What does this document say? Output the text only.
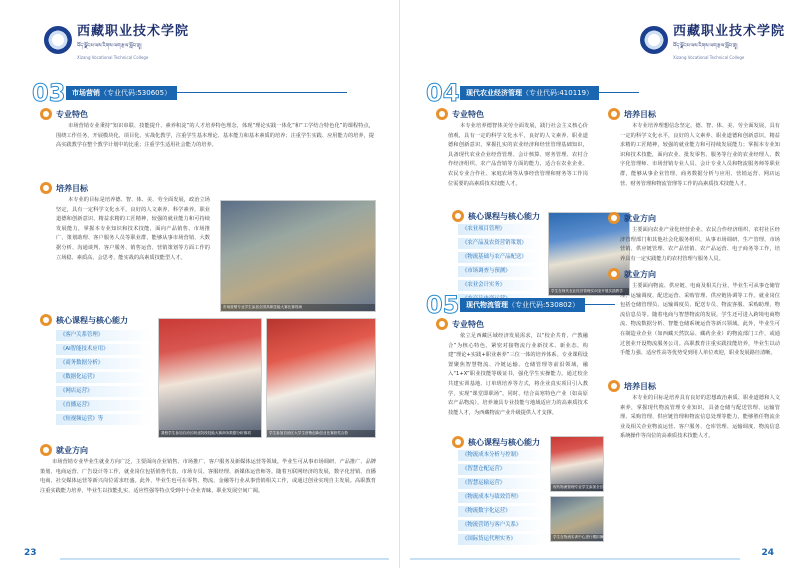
西藏职业技术学院
བོད་ལྗོངས་ལས་རིགས་ལག་རྩལ་སློབ་གྲྭ།
Xizang Vocational Technical College
03 市场营销（专业代码:530605）
专业特色
市场营销专业秉持“知识串联、技能提升、素养积淀”的人才培养特色理念，体现“理论实践一体化”和“工学结合特色化”的课程特点，围绕工作任务，开展模块化、项目化、实战化教学，注重学生基本理论、基本能力和基本素质的培养；注重学生实践、应用能力的培养，提高实践教学在整个教学计划中的比重；注重学生适用社会能力的培养。
培养目标
本专业的目标是培养德、智、体、美、劳全面发展，政治立场坚定，具有一定科学文化水平，良好的人文素养、科学素养，职业道德和创新意识，精益求精的工匠精神，较强的就业能力和可持续发展能力，掌握本专业知识和技术技能，面向产品销售、市场推广、策划助理、客户服务人员等职业群，能够从事市场营销、大数据分析、沟通谈判、客户服务、销售运营、营销策划等方面工作的立场稳、素质高、会思考、能实战的高素质技能型人才。
市场营销专业学生参加全国高职技能大赛比赛现场
核心课程与核心能力
《客户关系管理》
《AI智能技术应用》
《商务数据分析》
《数据化运营》
《网店运营》
《直播运营》
《短视频运营》等
我校学生参加自治区职业院校技能大赛商务数据分析赛项	学生参加自治区大学生营销创新创业比赛获奖合影
就业方向
市场营销专业毕业生就业方向广泛，主要面向企业销售、市场推广、客户服务及新媒体运营等领域。毕业生可从事市场调研、产品推广、品牌策划、电商运营、广告设计等工作，就业岗位包括销售代表、市场专员、客服经理、新媒体运营师等。随着互联网经济的发展，数字化营销、直播电商、社交媒体运营等新兴岗位需求旺盛。此外，毕业生也可在零售、物流、金融等行业从事营销相关工作，或通过创业实现自主发展。高职教育注重实践能力培养，毕业生以技能扎实、适应性强等特点受到中小企业青睐，职业发展空间广阔。
23
西藏职业技术学院
བོད་ལྗོངས་ལས་རིགས་ལག་རྩལ་སློབ་གྲྭ།
Xizang Vocational Technical College
04 现代农业经济管理（专业代码:410119）
专业特色
本专业培养德智体美劳全面发展，践行社会主义核心价值观，具有一定的科学文化水平，良好的人文素养、职业道德和创新意识，掌握扎实的农业经济和经营管理基础知识，具备现代农业企业经营管理、会计核算、财务管理、农村合作经济组织、农产品营销等方面的能力，适合在农业企业、农民专业合作社、家庭农场等从事经营管理和财务等工作岗位需要的高素质技术技能人才。
核心课程与核心能力
《农业项目管理》
《农产品及农资营销策划》
《物流基础与农产品配送》
《市场调查与预测》
《农业会计实务》
学生在现代农业经济管理实训室开展实践教学
培养目标
本专业培养理想信念坚定，德、智、体、美、劳全面发展，具有一定的科学文化水平，良好的人文素养、职业道德和创新意识，精益求精的工匠精神，较强的就业能力和可持续发展能力；掌握本专业知识和技术技能，面向农业、批发零售、服务等行业的农业经理人、数字化管理师、市场营销专业人员、会计专业人员和物流服务师等职业群，能够从事企业管理、商务数据分析与应用、营销运营、网店运营、财务管理和物流管理等工作的高素质技术技能人才。
就业方向
主要面向农业产业化经营企业、农民合作经济组织、农村社区经济管理部门和其他社会化服务组织，从事市场调研、生产管理、市场营销、供应链管理、农产品营销、农产品运营、电子商务等工作，培养具有一定实践能力的农村管理与服务人员。
05 现代物流管理（专业代码:530802）
专业特色
依立足西藏区域经济发展需求，以“校企共育、产教融合”为核心特色，紧密对接物流行业新技术、新业态，构建“理论+实践+职业素养”三位一体的培养体系。专业课程设置聚焦智慧物流、冷链运输、仓储管理等前沿领域，融入“1+X”职业技能等级证书，强化学生实操能力。通过校企共建实训基地、订单班培养等方式，将企业真实项目引入教学，实现“课堂即职场”。同时，结合高寒特色产业（如高原农产品物流），培养兼具专业技能与地域适应力的高素质技术技能人才，为西藏物流产业升级提供人才支撑。
核心课程与核心能力
《物流成本分析与控制》
《智慧仓配运营》
《智慧运输运营》
《物流成本与绩效管理》
《物流数字化运营》
《物流营销与客户关系》
《国际货运代理实务》
培养目标
本专业的目标是培养具有良好的思想政治素质、职业道德和人文素养，掌握现代物流管理专业知识，具备仓储与配送管理、运输管理、采购管理、供应链管理和物流信息处理等能力，能够胜任物流企业及相关企业物流运营、客户服务、仓库管理、运输调度、物流信息系统操作等岗位的高素质技术技能人才。
就业方向
主要面向物流、供应链、电商及相关行业，毕业生可从事仓储管理、运输调度、配送运营、采购管理、供应链协调等工作。就业岗位包括仓储管理员、运输调度员、配送专员、物流客服、采购助理、物流信息员等。随着电商与智慧物流的发展，学生还可进入跨境电商物流、物流数据分析、智能仓储系统运营等新兴领域。此外，毕业生可在制造业企业（如西藏天然饮品、藏药企业）的物流部门工作，或通过创业开设物流服务公司。高职教育注重实践技能培养，毕业生以动手能力强、适应性高等优势受到用人单位欢迎，职业发展路径清晰。
现代物流管理专业学生参加全区职业院校技能大赛
学生在物流实训中心进行模拟操作训练
24
